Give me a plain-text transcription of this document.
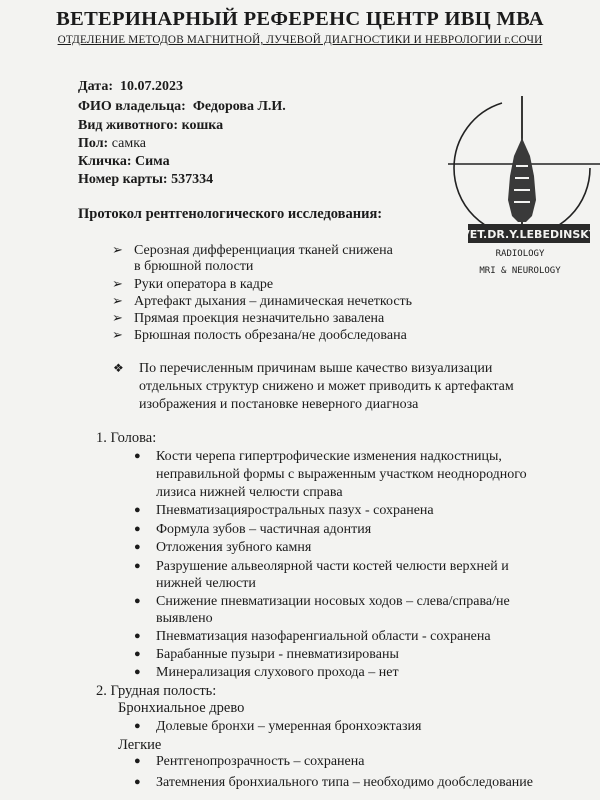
ВЕТЕРИНАРНЫЙ РЕФЕРЕНС ЦЕНТР ИВЦ МВА
ОТДЕЛЕНИЕ МЕТОДОВ МАГНИТНОЙ, ЛУЧЕВОЙ ДИАГНОСТИКИ И НЕВРОЛОГИИ г.СОЧИ
Дата: 10.07.2023
ФИО владельца: Федорова Л.И.
Вид животного: кошка
Пол: самка
Кличка: Сима
Номер карты: 537334
Протокол рентгенологического исследования:
➢ Серозная дифференциация тканей снижена
в брюшной полости
➢ Руки оператора в кадре
➢ Артефакт дыхания – динамическая нечеткость
➢ Прямая проекция незначительно завалена
➢ Брюшная полость обрезана/не дообследована
❖ По перечисленным причинам выше качество визуализации
отдельных структур снижено и может приводить к артефактам
изображения и постановке неверного диагноза
1. Голова:
● Кости черепа гипертрофические изменения надкостницы,
неправильной формы с выраженным участком неоднородного
лизиса нижней челюсти справа
● Пневматизацияростральных пазух - сохранена
● Формула зубов – частичная адонтия
● Отложения зубного камня
● Разрушение альвеолярной части костей челюсти верхней и
нижней челюсти
● Снижение пневматизации носовых ходов – слева/справа/не
выявлено
● Пневматизация назофаренгиальной области - сохранена
● Барабанные пузыри - пневматизированы
● Минерализация слухового прохода – нет
2. Грудная полость:
Бронхиальное древо
● Долевые бронхи – умеренная бронхоэктазия
Легкие
● Рентгенопрозрачность – сохранена
● Затемнения бронхиального типа – необходимо дообследование
VET.DR.Y.LEBEDINSKY
RADIOLOGY
MRI & NEUROLOGY
